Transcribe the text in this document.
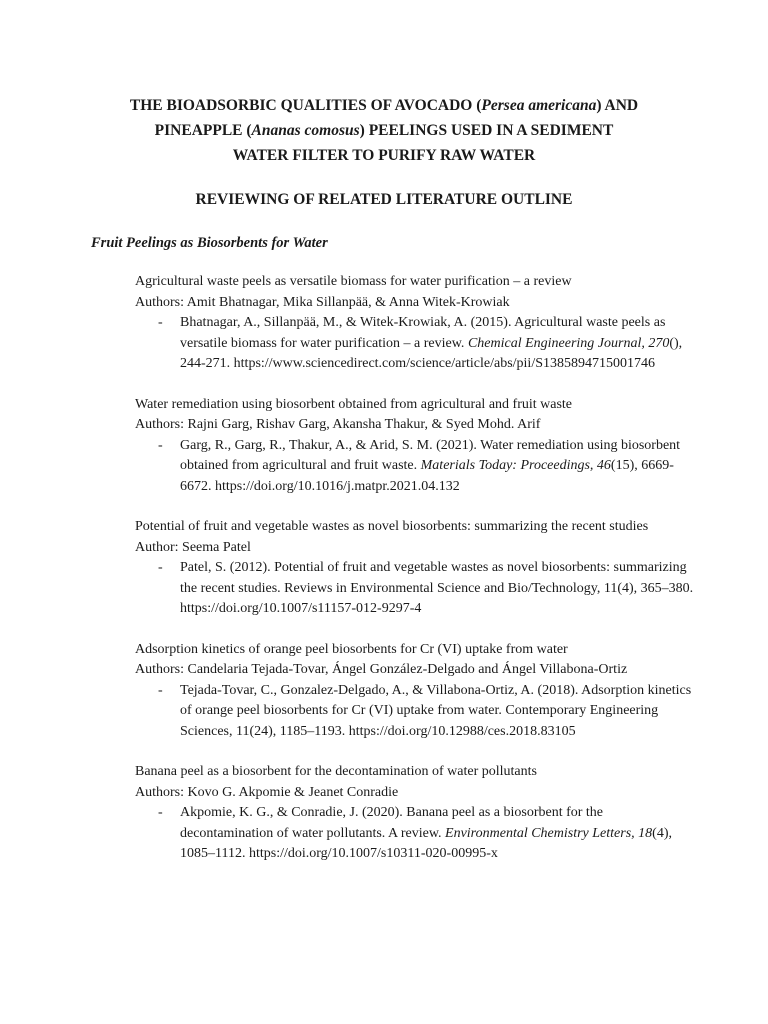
THE BIOADSORBIC QUALITIES OF AVOCADO (Persea americana) AND
PINEAPPLE (Ananas comosus) PEELINGS USED IN A SEDIMENT
WATER FILTER TO PURIFY RAW WATER
REVIEWING OF RELATED LITERATURE OUTLINE
Fruit Peelings as Biosorbents for Water
Agricultural waste peels as versatile biomass for water purification – a review
Authors: Amit Bhatnagar, Mika Sillanpää, & Anna Witek-Krowiak
- Bhatnagar, A., Sillanpää, M., & Witek-Krowiak, A. (2015). Agricultural waste peels as versatile biomass for water purification – a review. Chemical Engineering Journal, 270(), 244-271. https://www.sciencedirect.com/science/article/abs/pii/S1385894715001746
Water remediation using biosorbent obtained from agricultural and fruit waste
Authors: Rajni Garg, Rishav Garg, Akansha Thakur, & Syed Mohd. Arif
- Garg, R., Garg, R., Thakur, A., & Arid, S. M. (2021). Water remediation using biosorbent obtained from agricultural and fruit waste. Materials Today: Proceedings, 46(15), 6669-6672. https://doi.org/10.1016/j.matpr.2021.04.132
Potential of fruit and vegetable wastes as novel biosorbents: summarizing the recent studies
Author: Seema Patel
- Patel, S. (2012). Potential of fruit and vegetable wastes as novel biosorbents: summarizing the recent studies. Reviews in Environmental Science and Bio/Technology, 11(4), 365–380. https://doi.org/10.1007/s11157-012-9297-4
Adsorption kinetics of orange peel biosorbents for Cr (VI) uptake from water
Authors: Candelaria Tejada-Tovar, Ángel González-Delgado and Ángel Villabona-Ortiz
- Tejada-Tovar, C., Gonzalez-Delgado, A., & Villabona-Ortiz, A. (2018). Adsorption kinetics of orange peel biosorbents for Cr (VI) uptake from water. Contemporary Engineering Sciences, 11(24), 1185–1193. https://doi.org/10.12988/ces.2018.83105
Banana peel as a biosorbent for the decontamination of water pollutants
Authors: Kovo G. Akpomie & Jeanet Conradie
- Akpomie, K. G., & Conradie, J. (2020). Banana peel as a biosorbent for the decontamination of water pollutants. A review. Environmental Chemistry Letters, 18(4), 1085–1112. https://doi.org/10.1007/s10311-020-00995-x
